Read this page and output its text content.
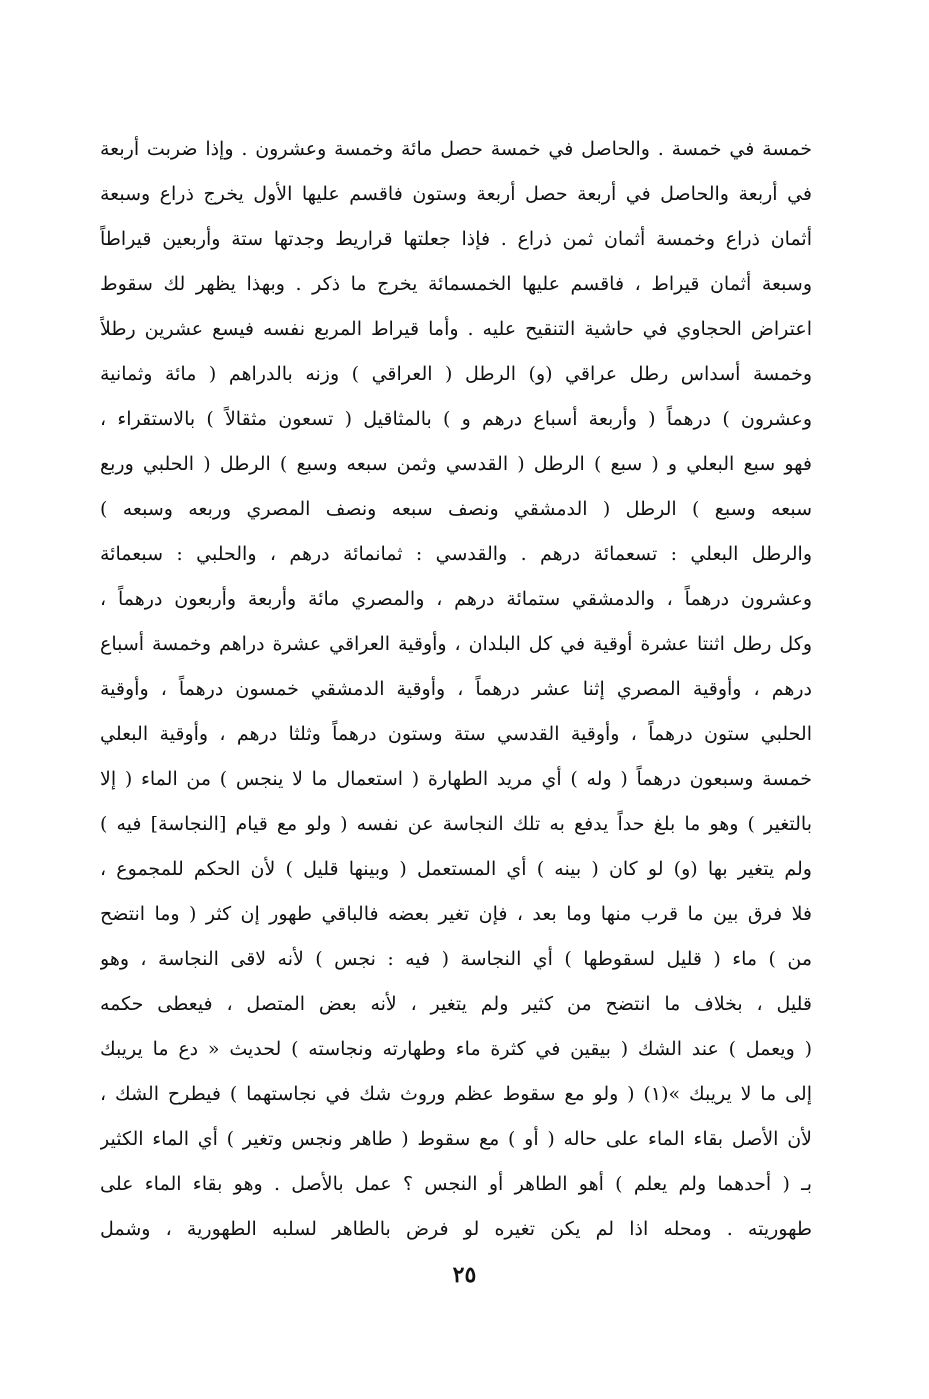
خمسة في خمسة . والحاصل في خمسة حصل مائة وخمسة وعشرون . وإذا ضربت أربعة
في أربعة والحاصل في أربعة حصل أربعة وستون فاقسم عليها الأول يخرج ذراع وسبعة
أثمان ذراع وخمسة أثمان ثمن ذراع . فإذا جعلتها قراريط وجدتها ستة وأربعين قيراطاً
وسبعة أثمان قيراط ، فاقسم عليها الخمسمائة يخرج ما ذكر . وبهذا يظهر لك سقوط
اعتراض الحجاوي في حاشية التنقيح عليه . وأما قيراط المربع نفسه فيسع عشرين رطلاً
وخمسة أسداس رطل عراقي (و) الرطل ( العراقي ) وزنه بالدراهم ( مائة وثمانية
وعشرون ) درهماً ( وأربعة أسباع درهم و ) بالمثاقيل ( تسعون مثقالاً ) بالاستقراء ،
فهو سبع البعلي و ( سبع ) الرطل ( القدسي وثمن سبعه وسبع ) الرطل ( الحلبي وربع
سبعه وسبع ) الرطل ( الدمشقي ونصف سبعه ونصف المصري وربعه وسبعه )
والرطل البعلي : تسعمائة درهم . والقدسي : ثمانمائة درهم ، والحلبي : سبعمائة
وعشرون درهماً ، والدمشقي ستمائة درهم ، والمصري مائة وأربعة وأربعون درهماً ،
وكل رطل اثنتا عشرة أوقية في كل البلدان ، وأوقية العراقي عشرة دراهم وخمسة أسباع
درهم ، وأوقية المصري إثنا عشر درهماً ، وأوقية الدمشقي خمسون درهماً ، وأوقية
الحلبي ستون درهماً ، وأوقية القدسي ستة وستون درهماً وثلثا درهم ، وأوقية البعلي
خمسة وسبعون درهماً ( وله ) أي مريد الطهارة ( استعمال ما لا ينجس ) من الماء ( إلا
بالتغير ) وهو ما بلغ حداً يدفع به تلك النجاسة عن نفسه ( ولو مع قيام [النجاسة] فيه )
ولم يتغير بها (و) لو كان ( بينه ) أي المستعمل ( وبينها قليل ) لأن الحكم للمجموع ،
فلا فرق بين ما قرب منها وما بعد ، فإن تغير بعضه فالباقي طهور إن كثر ( وما انتضح
من ) ماء ( قليل لسقوطها ) أي النجاسة ( فيه : نجس ) لأنه لاقى النجاسة ، وهو
قليل ، بخلاف ما انتضح من كثير ولم يتغير ، لأنه بعض المتصل ، فيعطى حكمه
( ويعمل ) عند الشك ( بيقين في كثرة ماء وطهارته ونجاسته ) لحديث « دع ما يريبك
إلى ما لا يريبك »(١) ( ولو مع سقوط عظم وروث شك في نجاستهما ) فيطرح الشك ،
لأن الأصل بقاء الماء على حاله ( أو ) مع سقوط ( طاهر ونجس وتغير ) أي الماء الكثير
بـ ( أحدهما ولم يعلم ) أهو الطاهر أو النجس ؟ عمل بالأصل . وهو بقاء الماء على
طهوريته . ومحله اذا لم يكن تغيره لو فرض بالطاهر لسلبه الطهورية ، وشمل
٢٥
